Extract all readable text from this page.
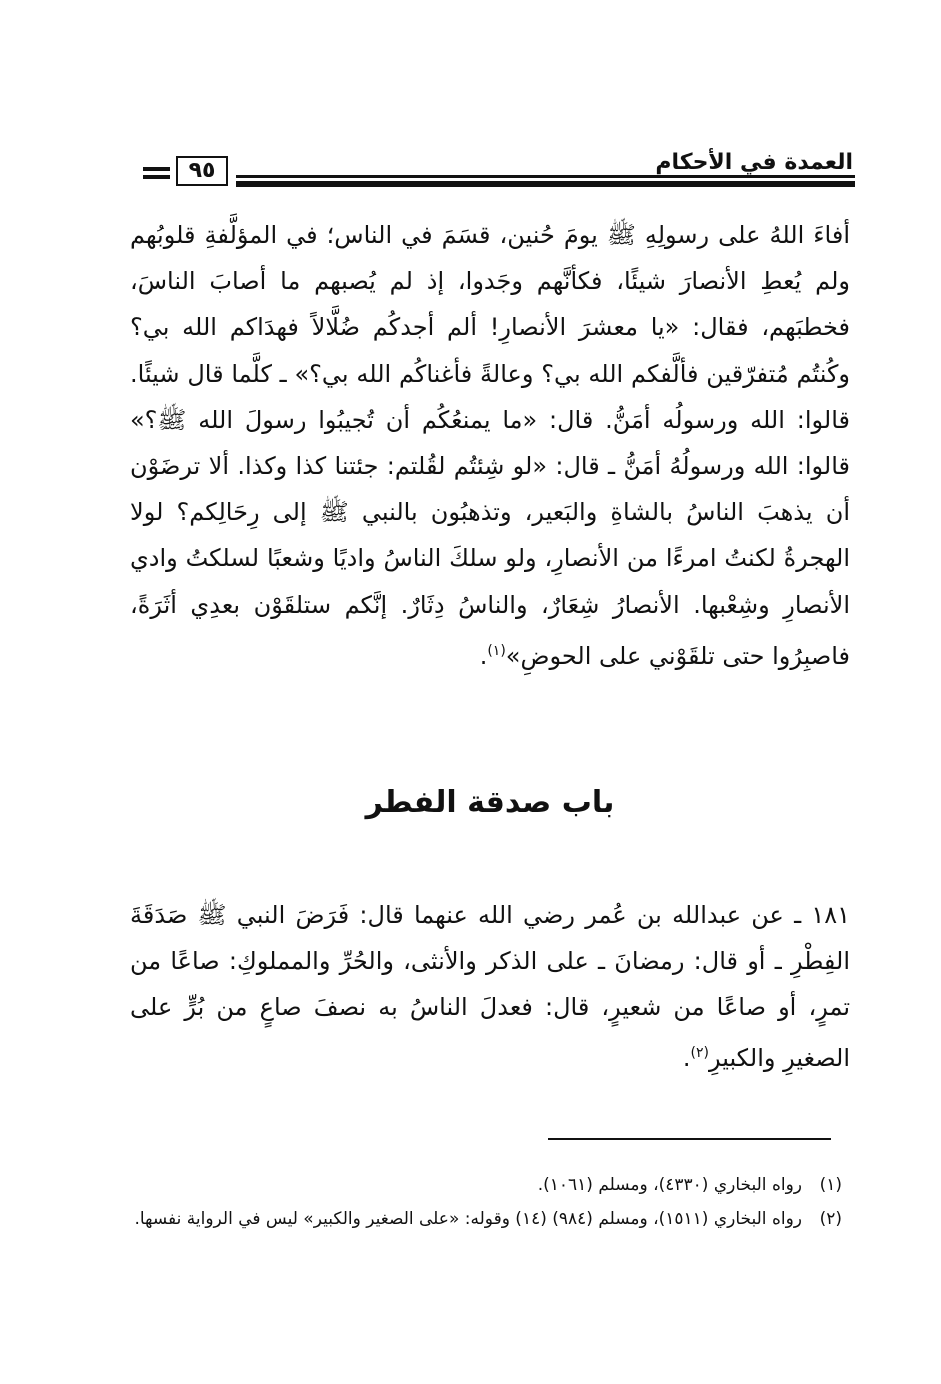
العمدة في الأحكام
٩٥

أفاءَ اللهُ على رسولِهِ ﷺ يومَ حُنين، قسَمَ في الناس؛ في المؤلَّفةِ قلوبُهم ولم يُعطِ الأنصارَ شيئًا، فكأنَّهم وجَدوا، إذ لم يُصبهم ما أصابَ الناسَ، فخطبَهم، فقال: «يا معشرَ الأنصارِ! ألم أجدكُم ضُلَّالاً فهدَاكم الله بي؟ وكُنتُم مُتفرّقين فألَّفكم الله بي؟ وعالةً فأغناكُم الله بي؟» ـ كلَّما قال شيئًا. قالوا: الله ورسولُه أمَنُّ. قال: «ما يمنعُكُم أن تُجيبُوا رسولَ الله ﷺ؟» قالوا: الله ورسولُهُ أمَنُّ ـ قال: «لو شِئتُم لقُلتم: جئتنا كذا وكذا. ألا ترضَوْن أن يذهبَ الناسُ بالشاةِ والبَعير، وتذهبُون بالنبي ﷺ إلى رِحَالِكم؟ لولا الهجرةُ لكنتُ امرءًا من الأنصارِ، ولو سلكَ الناسُ واديًا وشعبًا لسلكتُ وادي الأنصارِ وشِعْبها. الأنصارُ شِعَارٌ، والناسُ دِثَارٌ. إنَّكم ستلقَوْن بعدِي أثَرَةً، فاصبِرُوا حتى تلقَوْني على الحوضِ»$^{(١)}$.

باب صدقة الفطر

١٨١ ـ عن عبدالله بن عُمر رضي الله عنهما قال: فَرَضَ النبي ﷺ صَدَقَةَ الفِطْرِ ـ أو قال: رمضانَ ـ على الذكر والأنثى، والحُرِّ والمملوكِ: صاعًا من تمرٍ، أو صاعًا من شعيرٍ، قال: فعدلَ الناسُ به نصفَ صاعٍ من بُرٍّ على الصغيرِ والكبيرِ$^{(٢)}$.

(١)رواه البخاري (٤٣٣٠)، ومسلم (١٠٦١).

(٢)رواه البخاري (١٥١١)، ومسلم (٩٨٤) (١٤) وقوله: «على الصغير والكبير» ليس في الرواية نفسها.
